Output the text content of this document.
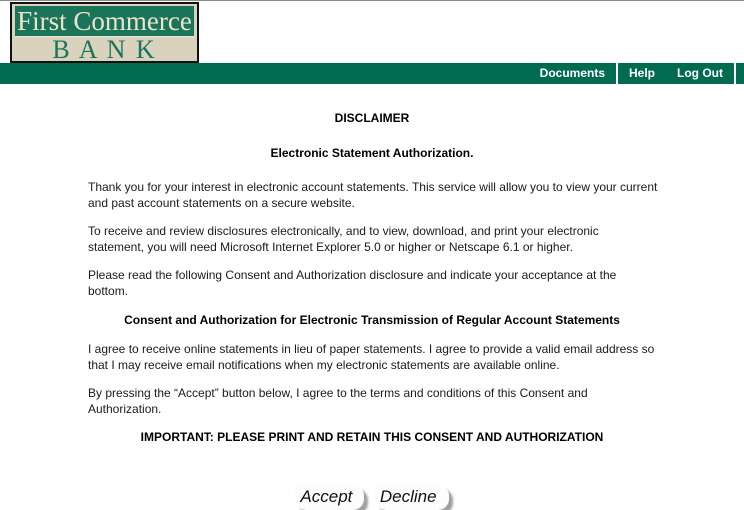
First Commerce
B A N K
Documents	Help	Log Out
DISCLAIMER
Electronic Statement Authorization.

Thank you for your interest in electronic account statements. This service will allow you to view your current and past account statements on a secure website.

To receive and review disclosures electronically, and to view, download, and print your electronic statement, you will need Microsoft Internet Explorer 5.0 or higher or Netscape 6.1 or higher.

Please read the following Consent and Authorization disclosure and indicate your acceptance at the bottom.

Consent and Authorization for Electronic Transmission of Regular Account Statements

I agree to receive online statements in lieu of paper statements. I agree to provide a valid email address so that I may receive email notifications when my electronic statements are available online.

By pressing the “Accept” button below, I agree to the terms and conditions of this Consent and Authorization.

IMPORTANT: PLEASE PRINT AND RETAIN THIS CONSENT AND AUTHORIZATION
Accept Decline
